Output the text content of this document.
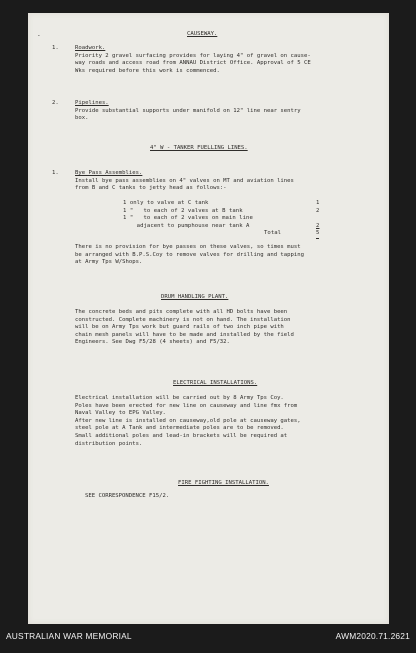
CAUSEWAY.
-
1.	Roadwork.
Priority 2 gravel surfacing provides for laying 4" of gravel on cause-
way roads and access road from ANNAU District Office. Approval of 5 CE
Wks required before this work is commenced.
2.	Pipelines.
Provide substantial supports under manifold on 12" line near sentry
box.
4" W - TANKER FUELLING LINES.
1.	Bye Pass Assemblies.
Install bye pass assemblies on 4" valves on MT and aviation lines
from B and C tanks to jetty head as follows:-
1 only to valve at C tank	1
1 "   to each of 2 valves at B tank	2
1 "   to each of 2 valves on main line
adjacent to pumphouse near tank A	2
Total	5
There is no provision for bye passes on these valves, so times must
be arranged with B.P.S.Coy to remove valves for drilling and tapping
at Army Tps W/Shops.
DRUM HANDLING PLANT.
The concrete beds and pits complete with all HD bolts have been
constructed. Complete machinery is not on hand. The installation
will be on Army Tps work but guard rails of two inch pipe with
chain mesh panels will have to be made and installed by the field
Engineers. See Dwg F5/28 (4 sheets) and F5/32.
ELECTRICAL INSTALLATIONS.
Electrical installation will be carried out by 8 Army Tps Coy.
Poles have been erected for new line on causeway and line fmx from
Naval Valley to EPG Valley.
After new line is installed on causeway,old pole at causeway gates,
steel pole at A Tank and intermediate poles are to be removed.
Small additional poles and lead-in brackets will be required at
distribution points.
FIRE FIGHTING INSTALLATION.
SEE CORRESPONDENCE F15/2.
AUSTRALIAN WAR MEMORIAL	AWM2020.71.2621
